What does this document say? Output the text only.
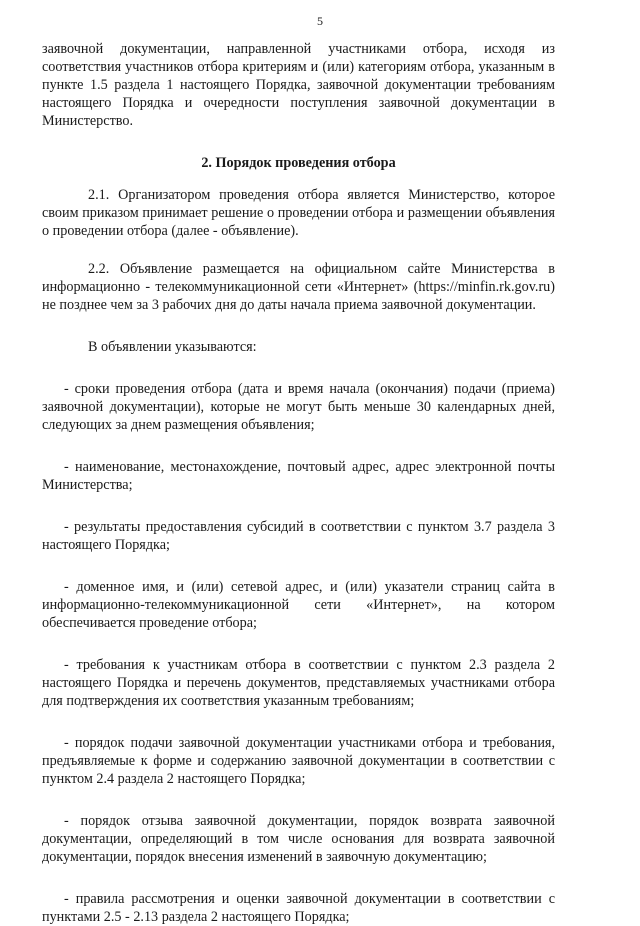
5

заявочной документации, направленной участниками отбора, исходя из соответствия участников отбора критериям и (или) категориям отбора, указанным в пункте 1.5 раздела 1 настоящего Порядка, заявочной документации требованиям настоящего Порядка и очередности поступления заявочной документации в Министерство.

2. Порядок проведения отбора

2.1. Организатором проведения отбора является Министерство, которое своим приказом принимает решение о проведении отбора и размещении объявления о проведении отбора (далее - объявление).

2.2. Объявление размещается на официальном сайте Министерства в информационно - телекоммуникационной сети «Интернет» (https://minfin.rk.gov.ru) не позднее чем за 3 рабочих дня до даты начала приема заявочной документации.

В объявлении указываются:

- сроки проведения отбора (дата и время начала (окончания) подачи (приема) заявочной документации), которые не могут быть меньше 30 календарных дней, следующих за днем размещения объявления;

- наименование, местонахождение, почтовый адрес, адрес электронной почты Министерства;

- результаты предоставления субсидий в соответствии с пунктом 3.7 раздела 3 настоящего Порядка;

- доменное имя, и (или) сетевой адрес, и (или) указатели страниц сайта в информационно-телекоммуникационной сети «Интернет», на котором обеспечивается проведение отбора;

- требования к участникам отбора в соответствии с пунктом 2.3 раздела 2 настоящего Порядка и перечень документов, представляемых участниками отбора для подтверждения их соответствия указанным требованиям;

- порядок подачи заявочной документации участниками отбора и требования, предъявляемые к форме и содержанию заявочной документации в соответствии с пунктом 2.4 раздела 2 настоящего Порядка;

- порядок отзыва заявочной документации, порядок возврата заявочной документации, определяющий в том числе основания для возврата заявочной документации, порядок внесения изменений в заявочную документацию;

- правила рассмотрения и оценки заявочной документации в соответствии с пунктами 2.5 - 2.13 раздела 2 настоящего Порядка;
